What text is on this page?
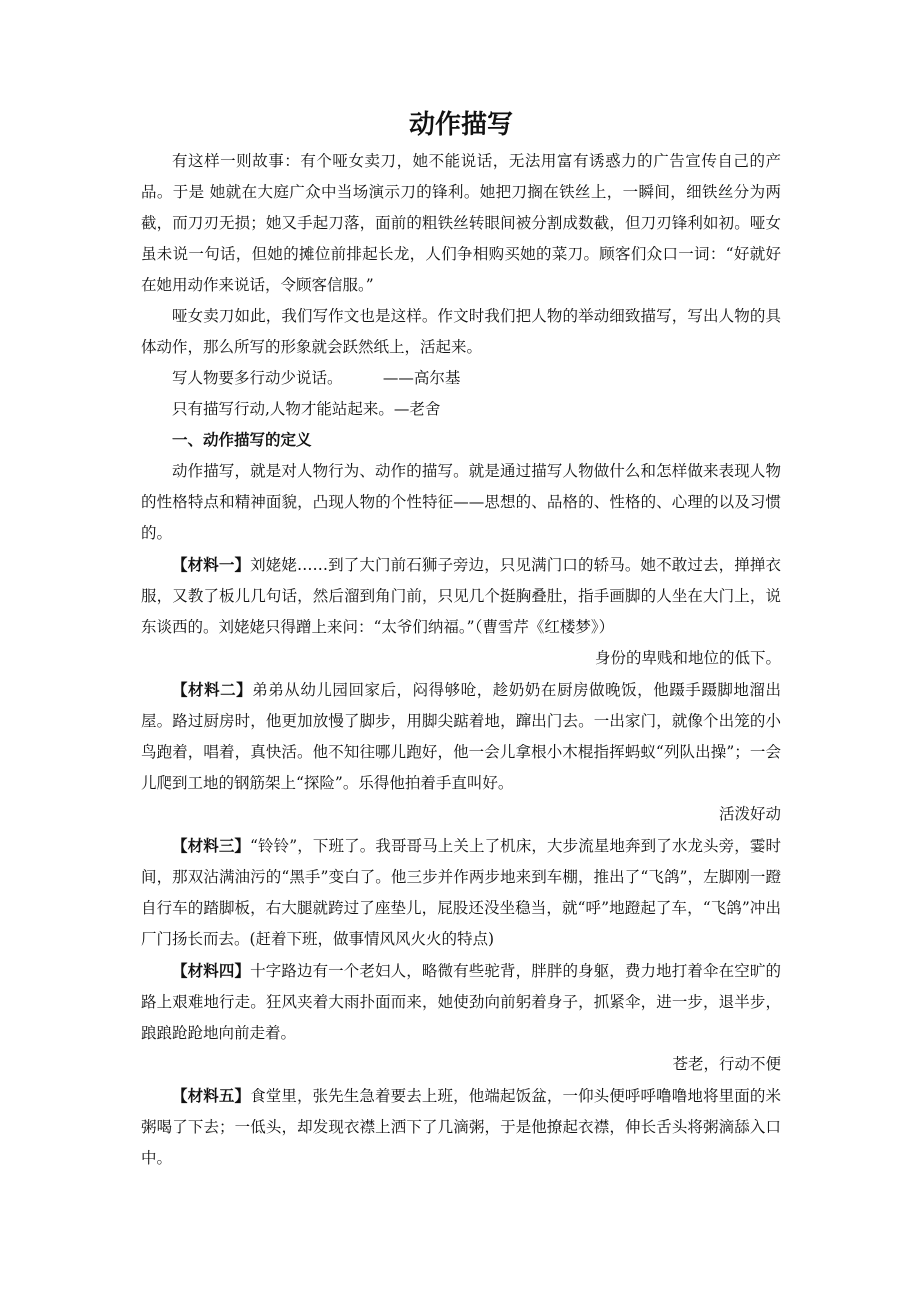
动作描写

有这样一则故事：有个哑女卖刀，她不能说话，无法用富有诱惑力的广告宣传自己的产品。于是 她就在大庭广众中当场演示刀的锋利。她把刀搁在铁丝上，一瞬间，细铁丝分为两截，而刀刃无损；她又手起刀落，面前的粗铁丝转眼间被分割成数截，但刀刃锋利如初。哑女虽未说一句话，但她的摊位前排起长龙，人们争相购买她的菜刀。顾客们众口一词：“好就好在她用动作来说话，令顾客信服。”

哑女卖刀如此，我们写作文也是这样。作文时我们把人物的举动细致描写，写出人物的具体动作，那么所写的形象就会跃然纸上，活起来。

写人物要多行动少说话。	——高尔基

只有描写行动,人物才能站起来。—老舍

一、动作描写的定义

动作描写，就是对人物行为、动作的描写。就是通过描写人物做什么和怎样做来表现人物的性格特点和精神面貌，凸现人物的个性特征——思想的、品格的、性格的、心理的以及习惯的。

【材料一】刘姥姥……到了大门前石狮子旁边，只见满门口的轿马。她不敢过去，掸掸衣服，又教了板儿几句话，然后溜到角门前，只见几个挺胸叠肚，指手画脚的人坐在大门上，说东谈西的。刘姥姥只得蹭上来问：“太爷们纳福。”（曹雪芹《红楼梦》）

身份的卑贱和地位的低下。

【材料二】弟弟从幼儿园回家后，闷得够呛，趁奶奶在厨房做晚饭，他蹑手蹑脚地溜出屋。路过厨房时，他更加放慢了脚步，用脚尖踮着地，蹿出门去。一出家门，就像个出笼的小鸟跑着，唱着，真快活。他不知往哪儿跑好，他一会儿拿根小木棍指挥蚂蚁“列队出操”；一会儿爬到工地的钢筋架上“探险”。乐得他拍着手直叫好。

活泼好动

【材料三】“铃铃”，下班了。我哥哥马上关上了机床，大步流星地奔到了水龙头旁，霎时间，那双沾满油污的“黑手”变白了。他三步并作两步地来到车棚，推出了“飞鸽”，左脚刚一蹬自行车的踏脚板，右大腿就跨过了座垫儿，屁股还没坐稳当，就“呼”地蹬起了车，“飞鸽”冲出厂门扬长而去。(赶着下班，做事情风风火火的特点)

【材料四】十字路边有一个老妇人，略微有些驼背，胖胖的身躯，费力地打着伞在空旷的路上艰难地行走。狂风夹着大雨扑面而来，她使劲向前躬着身子，抓紧伞，进一步，退半步，踉踉跄跄地向前走着。

苍老，行动不便

【材料五】食堂里，张先生急着要去上班，他端起饭盆，一仰头便呼呼噜噜地将里面的米粥喝了下去；一低头，却发现衣襟上洒下了几滴粥，于是他撩起衣襟，伸长舌头将粥滴舔入口中。
